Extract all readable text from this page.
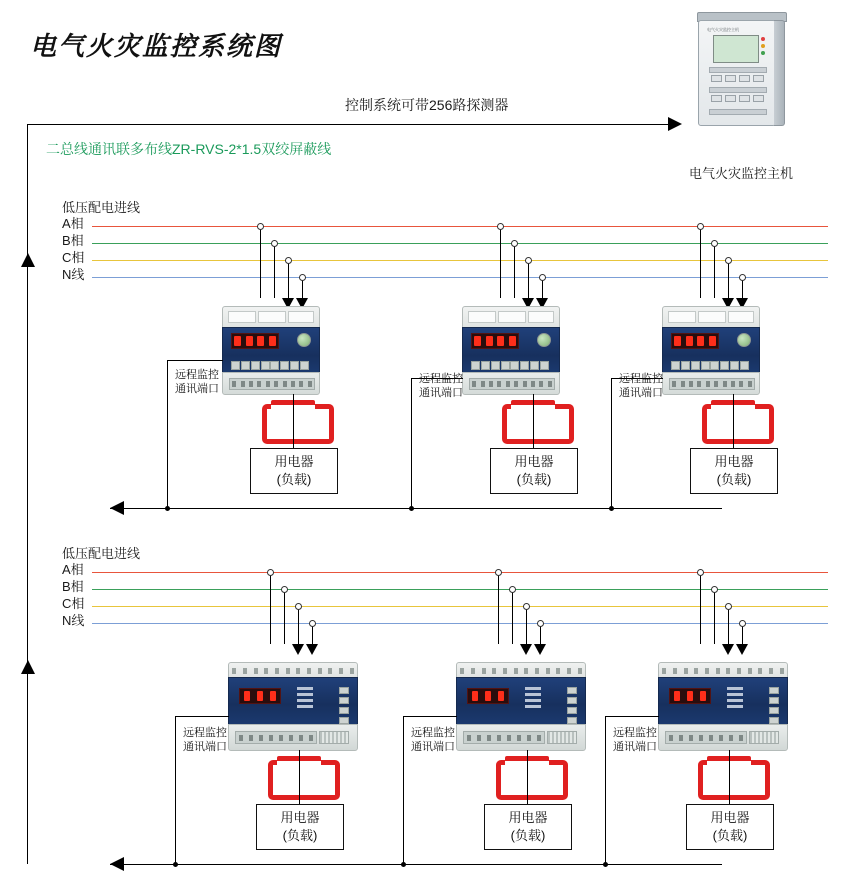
电气火灾监控系统图
电气火灾监控主机
电气火灾监控主机
控制系统可带256路探测器
二总线通讯联多布线ZR-RVS-2*1.5双绞屏蔽线
低压配电进线
A相
B相
C相
N线
用电器
(负载)
用电器
(负载)
用电器
(负载)
远程监控
通讯端口
远程监控
通讯端口
远程监控
通讯端口
低压配电进线
A相
B相
C相
N线
用电器
(负载)
用电器
(负载)
用电器
(负载)
远程监控
通讯端口
远程监控
通讯端口
远程监控
通讯端口
